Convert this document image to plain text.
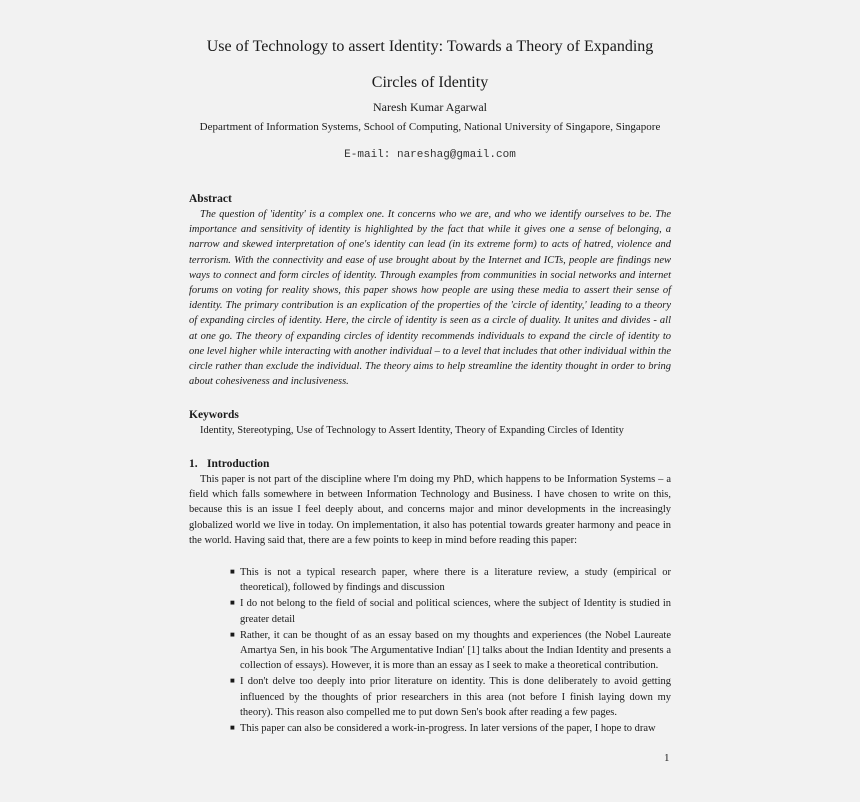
Use of Technology to assert Identity: Towards a Theory of Expanding
Circles of Identity
Naresh Kumar Agarwal
Department of Information Systems, School of Computing, National University of Singapore, Singapore
E-mail: nareshag@gmail.com
Abstract
The question of 'identity' is a complex one. It concerns who we are, and who we identify ourselves to be. The importance and sensitivity of identity is highlighted by the fact that while it gives one a sense of belonging, a narrow and skewed interpretation of one's identity can lead (in its extreme form) to acts of hatred, violence and terrorism. With the connectivity and ease of use brought about by the Internet and ICTs, people are findings new ways to connect and form circles of identity. Through examples from communities in social networks and internet forums on voting for reality shows, this paper shows how people are using these media to assert their sense of identity. The primary contribution is an explication of the properties of the 'circle of identity,' leading to a theory of expanding circles of identity. Here, the circle of identity is seen as a circle of duality. It unites and divides - all at one go. The theory of expanding circles of identity recommends individuals to expand the circle of identity to one level higher while interacting with another individual – to a level that includes that other individual within the circle rather than exclude the individual. The theory aims to help streamline the identity thought in order to bring about cohesiveness and inclusiveness.
Keywords
Identity, Stereotyping, Use of Technology to Assert Identity, Theory of Expanding Circles of Identity
1. Introduction
This paper is not part of the discipline where I'm doing my PhD, which happens to be Information Systems – a field which falls somewhere in between Information Technology and Business. I have chosen to write on this, because this is an issue I feel deeply about, and concerns major and minor developments in the increasingly globalized world we live in today. On implementation, it also has potential towards greater harmony and peace in the world. Having said that, there are a few points to keep in mind before reading this paper:
■ This is not a typical research paper, where there is a literature review, a study (empirical or theoretical), followed by findings and discussion
■ I do not belong to the field of social and political sciences, where the subject of Identity is studied in greater detail
■ Rather, it can be thought of as an essay based on my thoughts and experiences (the Nobel Laureate Amartya Sen, in his book 'The Argumentative Indian' [1] talks about the Indian Identity and presents a collection of essays). However, it is more than an essay as I seek to make a theoretical contribution.
■ I don't delve too deeply into prior literature on identity. This is done deliberately to avoid getting influenced by the thoughts of prior researchers in this area (not before I finish laying down my theory). This reason also compelled me to put down Sen's book after reading a few pages.
■ This paper can also be considered a work-in-progress. In later versions of the paper, I hope to draw
1
